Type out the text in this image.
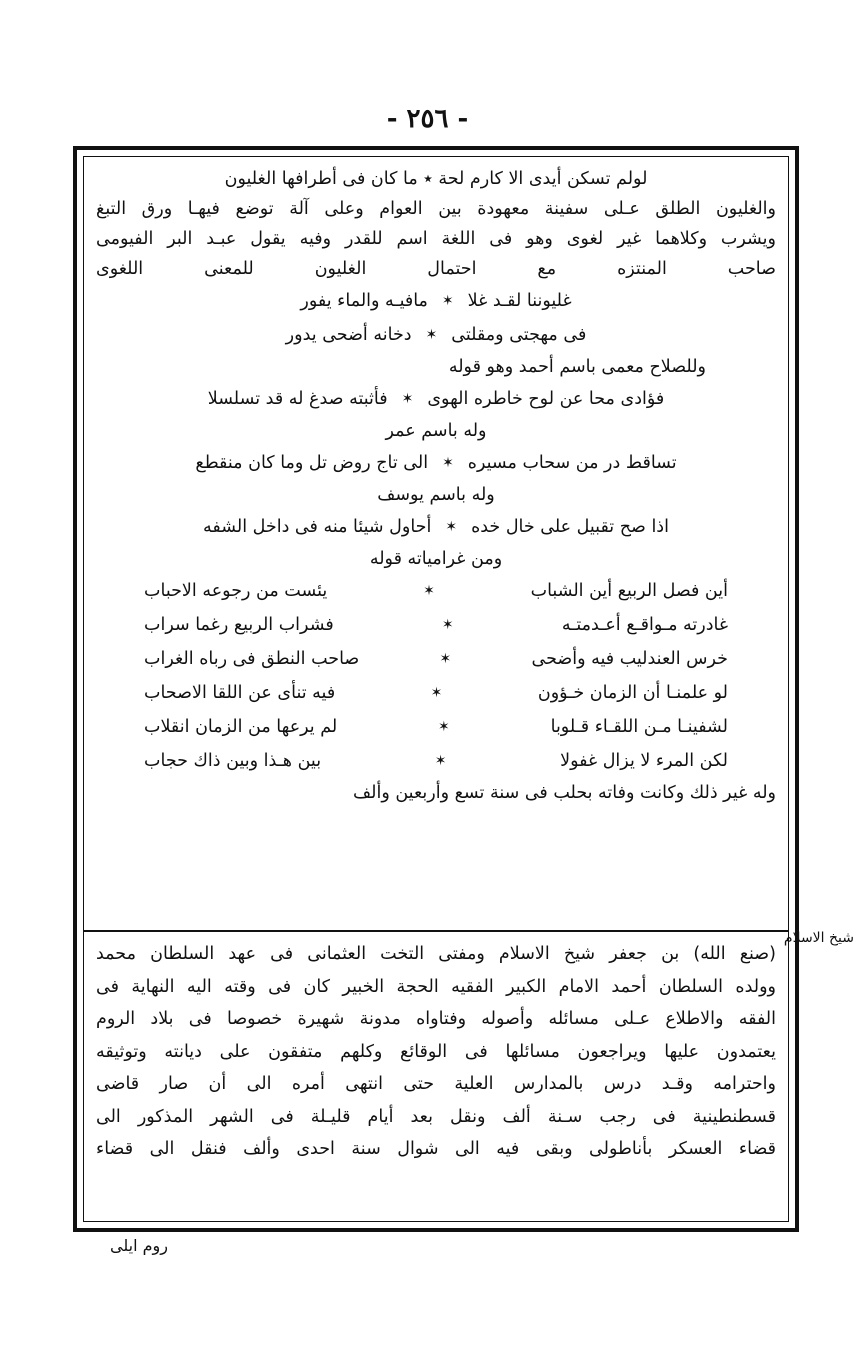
- ٢٥٦ -
لولم تسكن أيدى الا كارم لحة ٭ ما كان فى أطرافها الغليون
والغليون الطلق عـلى سفينة معهودة بين العوام وعلى آلة توضع فيهـا ورق التبغ
ويشرب وكلاهما غير لغوى وهو فى اللغة اسم للقدر وفيه يقول عبـد البر الفيومى
صاحب المنتزه مع احتمال الغليون للمعنى اللغوى
غليوننا لقـد غلا
✶
مافيـه والماء يفور
فى مهجتى ومقلتى
✶
دخانه أضحى يدور
وللصلاح معمى باسم أحمد وهو قوله
فؤادى محا عن لوح خاطره الهوى
✶
فأثبته صدغ له قد تسلسلا
وله باسم عمر
تساقط در من سحاب مسيره
✶
الى تاج روض تل وما كان منقطع
وله باسم يوسف
اذا صح تقبيل على خال خده
✶
أحاول شيئا منه فى داخل الشفه
ومن غرامياته قوله
أين فصل الربيع أين الشباب
✶
يئست من رجوعه الاحباب
غادرته مـواقـع أعـدمتـه
✶
فشراب الربيع رغما سراب
خرس العندليب فيه وأضحى
✶
صاحب النطق فى رباه الغراب
لو علمنـا أن الزمان خـؤون
✶
فيه تنأى عن اللقا الاصحاب
لشفينـا مـن اللقـاء قـلوبا
✶
لم يرعها من الزمان انقلاب
لكن المرء لا يزال غفولا
✶
بين هـذا وبين ذاك حجاب
وله غير ذلك وكانت وفاته بحلب فى سنة تسع وأربعين وألف
(صنع الله) بن جعفر شيخ الاسلام ومفتى التخت العثمانى فى عهد السلطان محمد
وولده السلطان أحمد الامام الكبير الفقيه الحجة الخبير كان فى وقته اليه النهاية فى
الفقه والاطلاع عـلى مسائله وأصوله وفتاواه مدونة شهيرة خصوصا فى بلاد الروم
يعتمدون عليها ويراجعون مسائلها فى الوقائع وكلهم متفقون على ديانته وتوثيقه
واحترامه وقـد درس بالمدارس العلية حتى انتهى أمره الى أن صار قاضى
قسطنطينية فى رجب سـنة ألف ونقل بعد أيام قليـلة فى الشهر المذكور الى
قضاء العسكر بأناطولى وبقى فيه الى شوال سنة احدى وألف فنقل الى قضاء
شيخ الاسلام
روم ايلى
